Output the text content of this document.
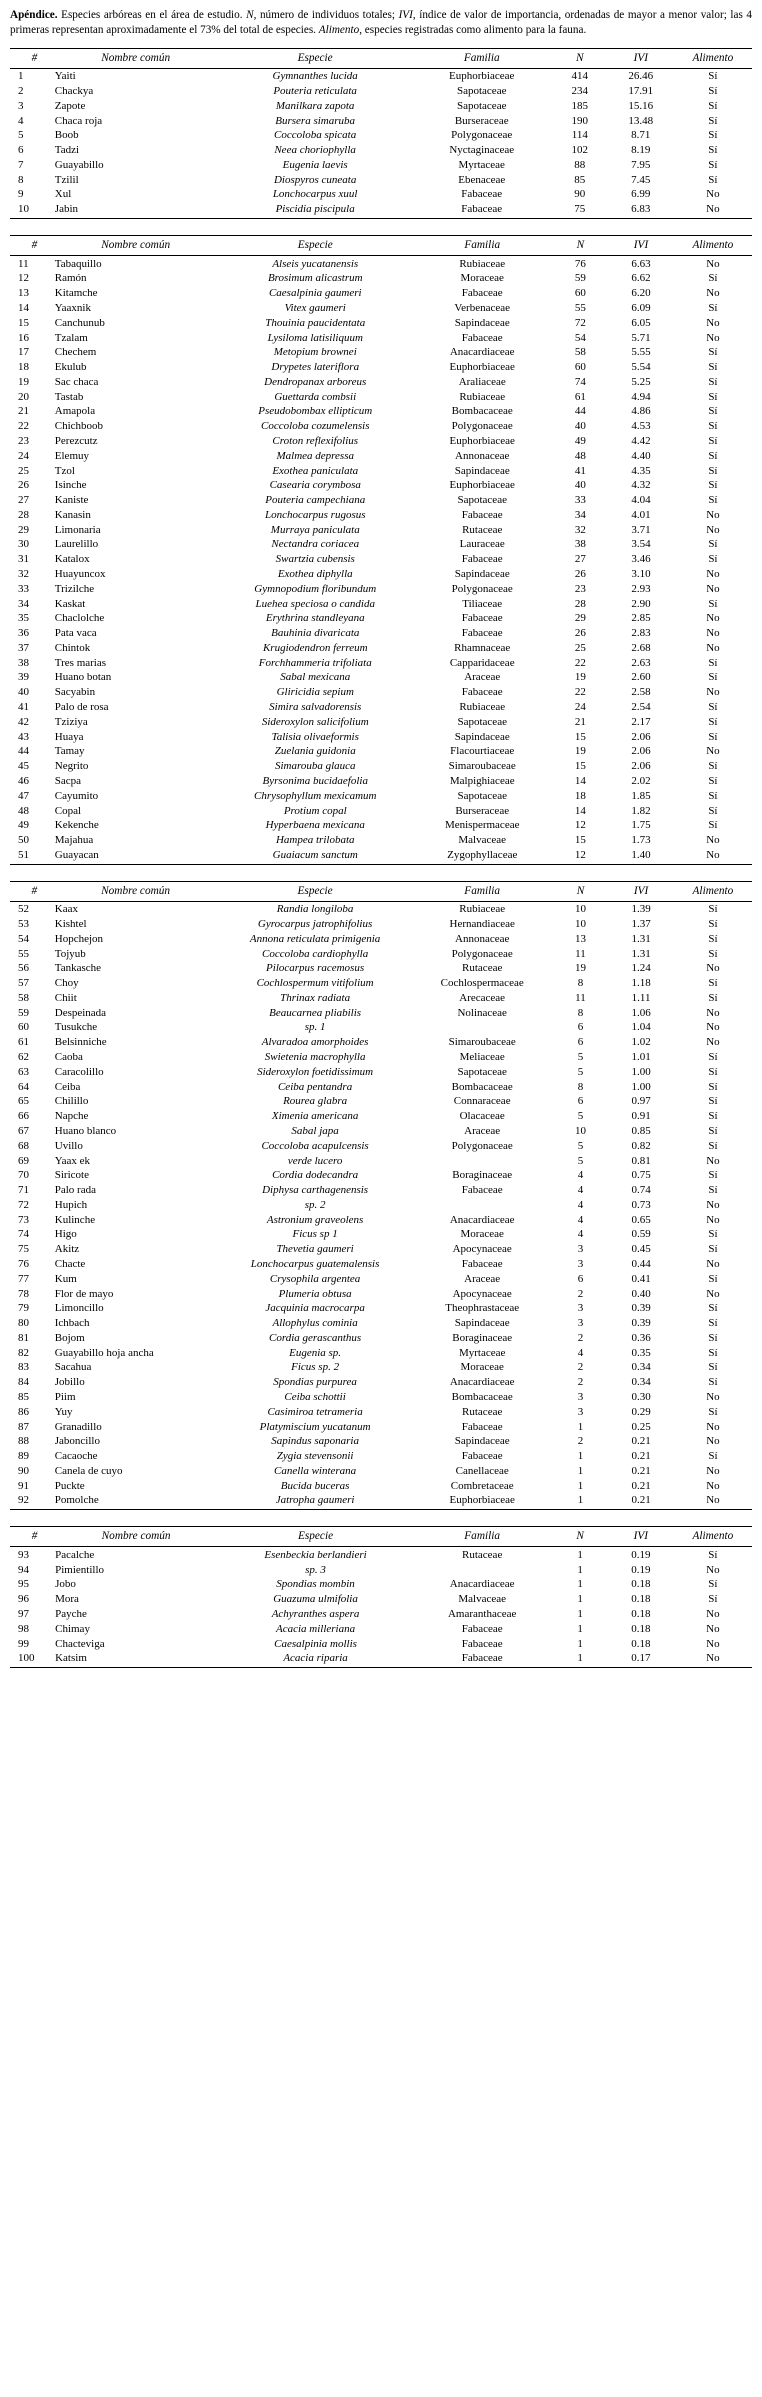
Apéndice. Especies arbóreas en el área de estudio. N, número de individuos totales; IVI, índice de valor de importancia, ordenadas de mayor a menor valor; las 4 primeras representan aproximadamente el 73% del total de especies. Alimento, especies registradas como alimento para la fauna.

#	Nombre común	Especie	Familia	N	IVI	Alimento
1	Yaiti	Gymnanthes lucida	Euphorbiaceae	414	26.46	Sí
2	Chackya	Pouteria reticulata	Sapotaceae	234	17.91	Sí
3	Zapote	Manilkara zapota	Sapotaceae	185	15.16	Sí
4	Chaca roja	Bursera simaruba	Burseraceae	190	13.48	Sí
5	Boob	Coccoloba spicata	Polygonaceae	114	8.71	Sí
6	Tadzi	Neea choriophylla	Nyctaginaceae	102	8.19	Sí
7	Guayabillo	Eugenia laevis	Myrtaceae	88	7.95	Sí
8	Tzilil	Diospyros cuneata	Ebenaceae	85	7.45	Sí
9	Xul	Lonchocarpus xuul	Fabaceae	90	6.99	No
10	Jabin	Piscidia piscipula	Fabaceae	75	6.83	No
#	Nombre común	Especie	Familia	N	IVI	Alimento
11	Tabaquillo	Alseis yucatanensis	Rubiaceae	76	6.63	No
12	Ramón	Brosimum alicastrum	Moraceae	59	6.62	Sí
13	Kitamche	Caesalpinia gaumeri	Fabaceae	60	6.20	No
14	Yaaxnik	Vitex gaumeri	Verbenaceae	55	6.09	Sí
15	Canchunub	Thouinia paucidentata	Sapindaceae	72	6.05	No
16	Tzalam	Lysiloma latisiliquum	Fabaceae	54	5.71	No
17	Chechem	Metopium brownei	Anacardiaceae	58	5.55	Sí
18	Ekulub	Drypetes lateriflora	Euphorbiaceae	60	5.54	Sí
19	Sac chaca	Dendropanax arboreus	Araliaceae	74	5.25	Sí
20	Tastab	Guettarda combsii	Rubiaceae	61	4.94	Sí
21	Amapola	Pseudobombax ellipticum	Bombacaceae	44	4.86	Sí
22	Chichboob	Coccoloba cozumelensis	Polygonaceae	40	4.53	Sí
23	Perezcutz	Croton reflexifolius	Euphorbiaceae	49	4.42	Sí
24	Elemuy	Malmea depressa	Annonaceae	48	4.40	Sí
25	Tzol	Exothea paniculata	Sapindaceae	41	4.35	Sí
26	Isinche	Casearia corymbosa	Euphorbiaceae	40	4.32	Sí
27	Kaniste	Pouteria campechiana	Sapotaceae	33	4.04	Sí
28	Kanasin	Lonchocarpus rugosus	Fabaceae	34	4.01	No
29	Limonaria	Murraya paniculata	Rutaceae	32	3.71	No
30	Laurelillo	Nectandra coriacea	Lauraceae	38	3.54	Sí
31	Katalox	Swartzia cubensis	Fabaceae	27	3.46	Sí
32	Huayuncox	Exothea diphylla	Sapindaceae	26	3.10	No
33	Trizilche	Gymnopodium floribundum	Polygonaceae	23	2.93	No
34	Kaskat	Luehea speciosa o candida	Tiliaceae	28	2.90	Sí
35	Chaclolche	Erythrina standleyana	Fabaceae	29	2.85	No
36	Pata vaca	Bauhinia divaricata	Fabaceae	26	2.83	No
37	Chintok	Krugiodendron ferreum	Rhamnaceae	25	2.68	No
38	Tres marias	Forchhammeria trifoliata	Capparidaceae	22	2.63	Sí
39	Huano botan	Sabal mexicana	Araceae	19	2.60	Sí
40	Sacyabin	Gliricidia sepium	Fabaceae	22	2.58	No
41	Palo de rosa	Simira salvadorensis	Rubiaceae	24	2.54	Sí
42	Tziziya	Sideroxylon salicifolium	Sapotaceae	21	2.17	Sí
43	Huaya	Talisia olivaeformis	Sapindaceae	15	2.06	Sí
44	Tamay	Zuelania guidonia	Flacourtiaceae	19	2.06	No
45	Negrito	Simarouba glauca	Simaroubaceae	15	2.06	Sí
46	Sacpa	Byrsonima bucidaefolia	Malpighiaceae	14	2.02	Sí
47	Cayumito	Chrysophyllum mexicamum	Sapotaceae	18	1.85	Sí
48	Copal	Protium copal	Burseraceae	14	1.82	Sí
49	Kekenche	Hyperbaena mexicana	Menispermaceae	12	1.75	Sí
50	Majahua	Hampea trilobata	Malvaceae	15	1.73	No
51	Guayacan	Guaiacum sanctum	Zygophyllaceae	12	1.40	No
#	Nombre común	Especie	Familia	N	IVI	Alimento
52	Kaax	Randia longiloba	Rubiaceae	10	1.39	Sí
53	Kishtel	Gyrocarpus jatrophifolius	Hernandiaceae	10	1.37	Sí
54	Hopchejon	Annona reticulata primigenia	Annonaceae	13	1.31	Sí
55	Tojyub	Coccoloba cardiophylla	Polygonaceae	11	1.31	Sí
56	Tankasche	Pilocarpus racemosus	Rutaceae	19	1.24	No
57	Choy	Cochlospermum vitifolium	Cochlospermaceae	8	1.18	Sí
58	Chiit	Thrinax radiata	Arecaceae	11	1.11	Sí
59	Despeinada	Beaucarnea pliabilis	Nolinaceae	8	1.06	No
60	Tusukche	sp. 1		6	1.04	No
61	Belsinniche	Alvaradoa amorphoides	Simaroubaceae	6	1.02	No
62	Caoba	Swietenia macrophylla	Meliaceae	5	1.01	Sí
63	Caracolillo	Sideroxylon foetidissimum	Sapotaceae	5	1.00	Sí
64	Ceiba	Ceiba pentandra	Bombacaceae	8	1.00	Sí
65	Chilillo	Rourea glabra	Connaraceae	6	0.97	Sí
66	Napche	Ximenia americana	Olacaceae	5	0.91	Sí
67	Huano blanco	Sabal japa	Araceae	10	0.85	Sí
68	Uvillo	Coccoloba acapulcensis	Polygonaceae	5	0.82	Sí
69	Yaax ek	verde lucero		5	0.81	No
70	Siricote	Cordia dodecandra	Boraginaceae	4	0.75	Sí
71	Palo rada	Diphysa carthagenensis	Fabaceae	4	0.74	Sí
72	Hupich	sp. 2		4	0.73	No
73	Kulinche	Astronium graveolens	Anacardiaceae	4	0.65	No
74	Higo	Ficus sp 1	Moraceae	4	0.59	Sí
75	Akitz	Thevetia gaumeri	Apocynaceae	3	0.45	Sí
76	Chacte	Lonchocarpus guatemalensis	Fabaceae	3	0.44	No
77	Kum	Crysophila argentea	Araceae	6	0.41	Sí
78	Flor de mayo	Plumeria obtusa	Apocynaceae	2	0.40	No
79	Limoncillo	Jacquinia macrocarpa	Theophrastaceae	3	0.39	Sí
80	Ichbach	Allophylus cominia	Sapindaceae	3	0.39	Sí
81	Bojom	Cordia gerascanthus	Boraginaceae	2	0.36	Sí
82	Guayabillo hoja ancha	Eugenia sp.	Myrtaceae	4	0.35	Sí
83	Sacahua	Ficus sp. 2	Moraceae	2	0.34	Sí
84	Jobillo	Spondias purpurea	Anacardiaceae	2	0.34	Sí
85	Piim	Ceiba schottii	Bombacaceae	3	0.30	No
86	Yuy	Casimiroa tetrameria	Rutaceae	3	0.29	Sí
87	Granadillo	Platymiscium yucatanum	Fabaceae	1	0.25	No
88	Jaboncillo	Sapindus saponaria	Sapindaceae	2	0.21	No
89	Cacaoche	Zygia stevensonii	Fabaceae	1	0.21	Sí
90	Canela de cuyo	Canella winterana	Canellaceae	1	0.21	No
91	Puckte	Bucida buceras	Combretaceae	1	0.21	No
92	Pomolche	Jatropha gaumeri	Euphorbiaceae	1	0.21	No
#	Nombre común	Especie	Familia	N	IVI	Alimento
93	Pacalche	Esenbeckia berlandieri	Rutaceae	1	0.19	Sí
94	Pimientillo	sp. 3		1	0.19	No
95	Jobo	Spondias mombin	Anacardiaceae	1	0.18	Sí
96	Mora	Guazuma ulmifolia	Malvaceae	1	0.18	Sí
97	Payche	Achyranthes aspera	Amaranthaceae	1	0.18	No
98	Chimay	Acacia milleriana	Fabaceae	1	0.18	No
99	Chacteviga	Caesalpinia mollis	Fabaceae	1	0.18	No
100	Katsim	Acacia riparia	Fabaceae	1	0.17	No
